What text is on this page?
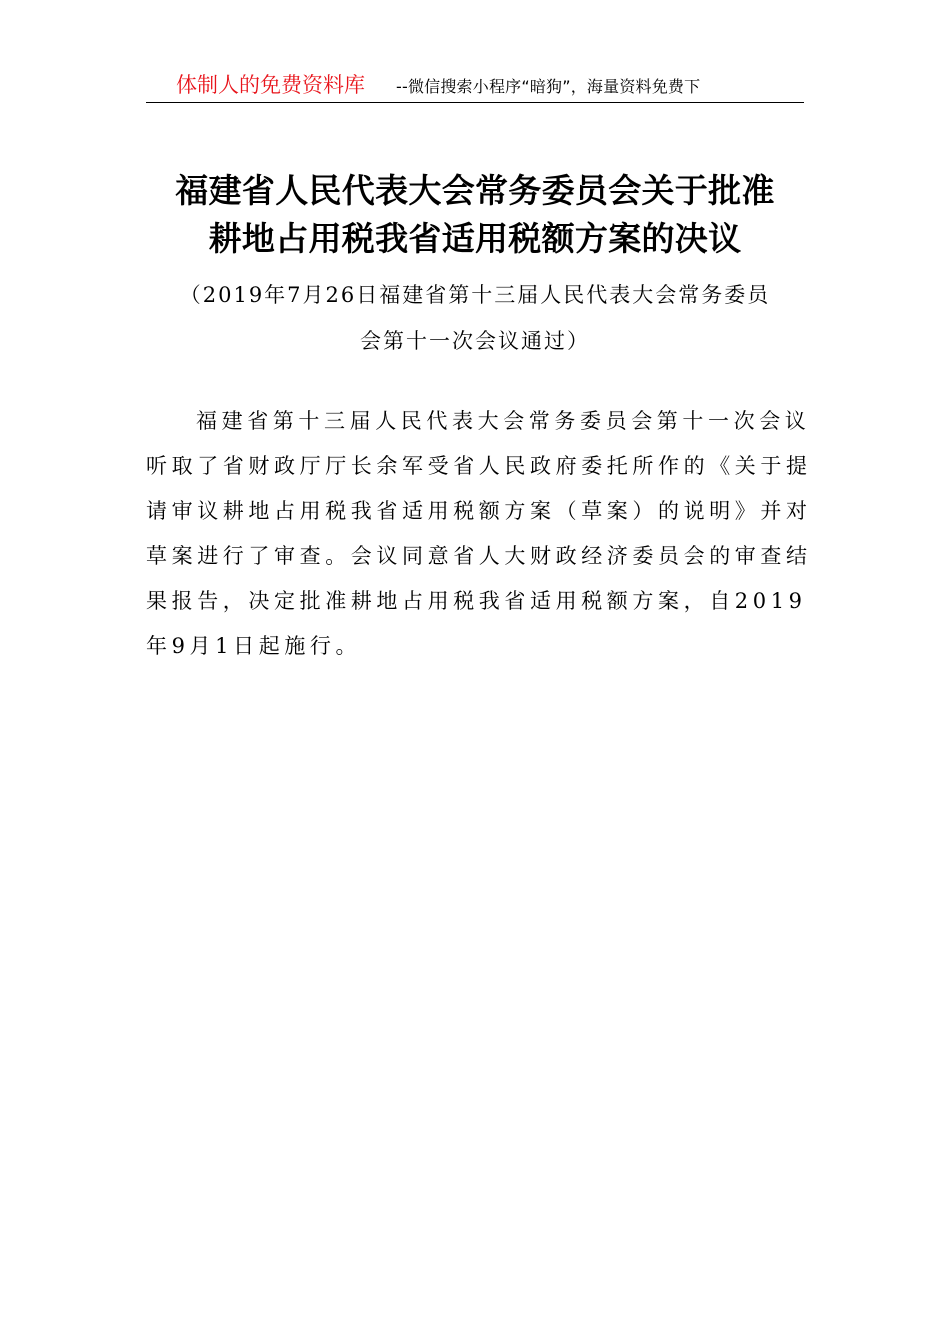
体制人的免费资料库 --微信搜索小程序“暗狗”，海量资料免费下
福建省人民代表大会常务委员会关于批准
耕地占用税我省适用税额方案的决议
（2019年7月26日福建省第十三届人民代表大会常务委员
会第十一次会议通过）
福建省第十三届人民代表大会常务委员会第十一次会议
听取了省财政厅厅长余军受省人民政府委托所作的《关于提
请审议耕地占用税我省适用税额方案（草案）的说明》并对
草案进行了审查。会议同意省人大财政经济委员会的审查结
果报告，决定批准耕地占用税我省适用税额方案，自2019
年9月1日起施行。
